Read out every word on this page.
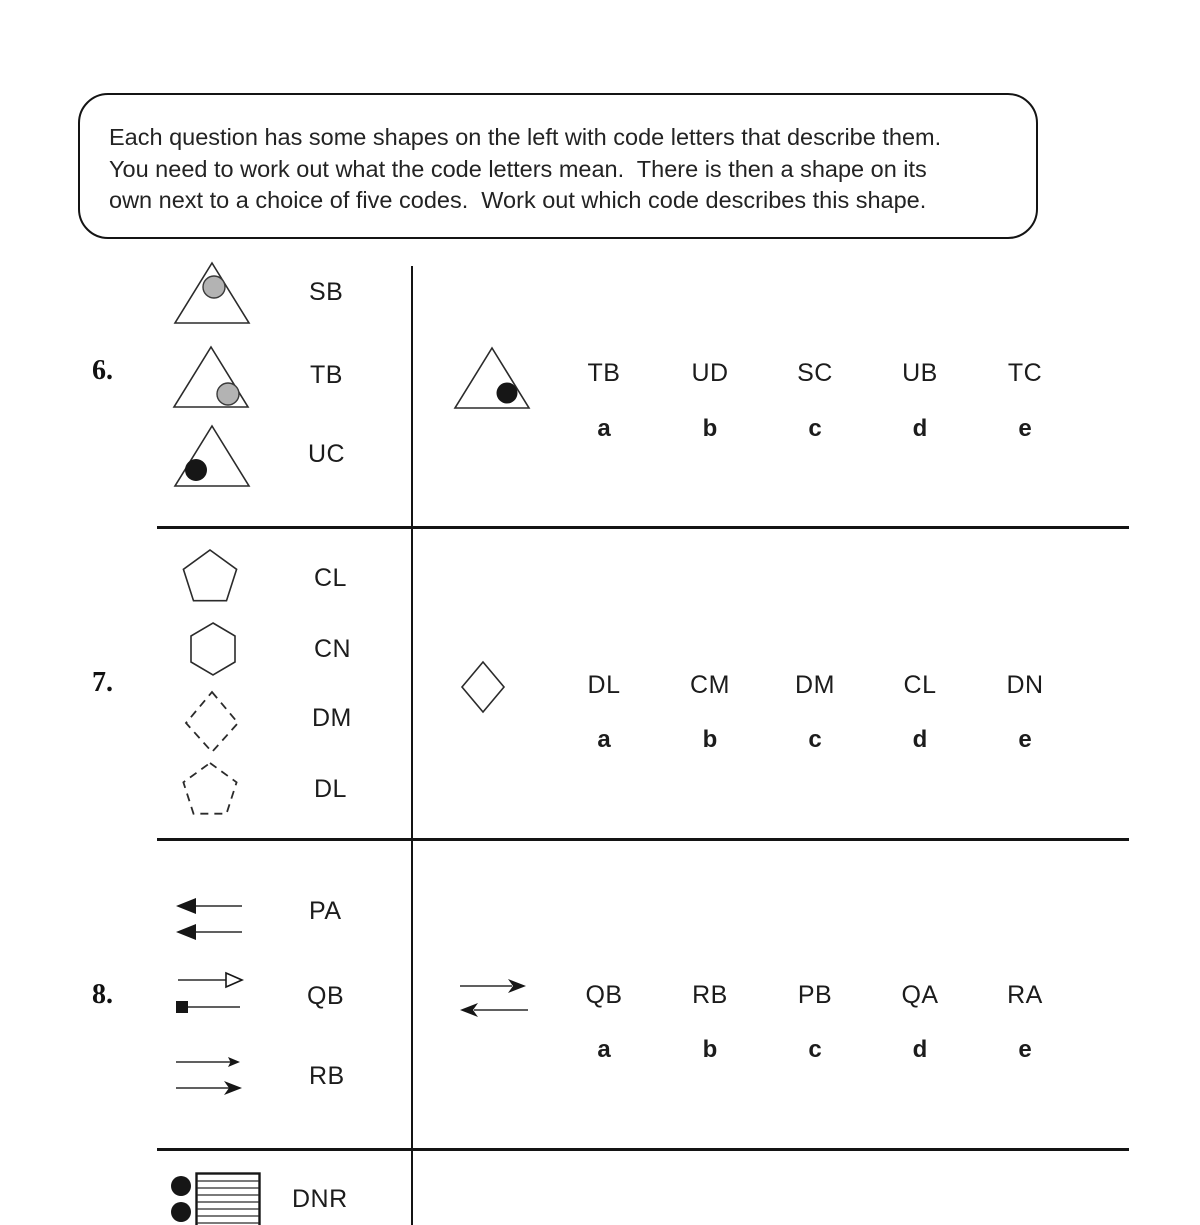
Each question has some shapes on the left with code letters that describe them.
You need to work out what the code letters mean.  There is then a shape on its
own next to a choice of five codes.  Work out which code describes this shape.
6.
SB
TB
UC
TB	UD	SC	UB	TC
a	b	c	d	e
7.
CL
CN
DM
DL
DL	CM	DM	CL	DN
a	b	c	d	e
8.
PA
QB
RB
QB	RB	PB	QA	RA
a	b	c	d	e
DNR
